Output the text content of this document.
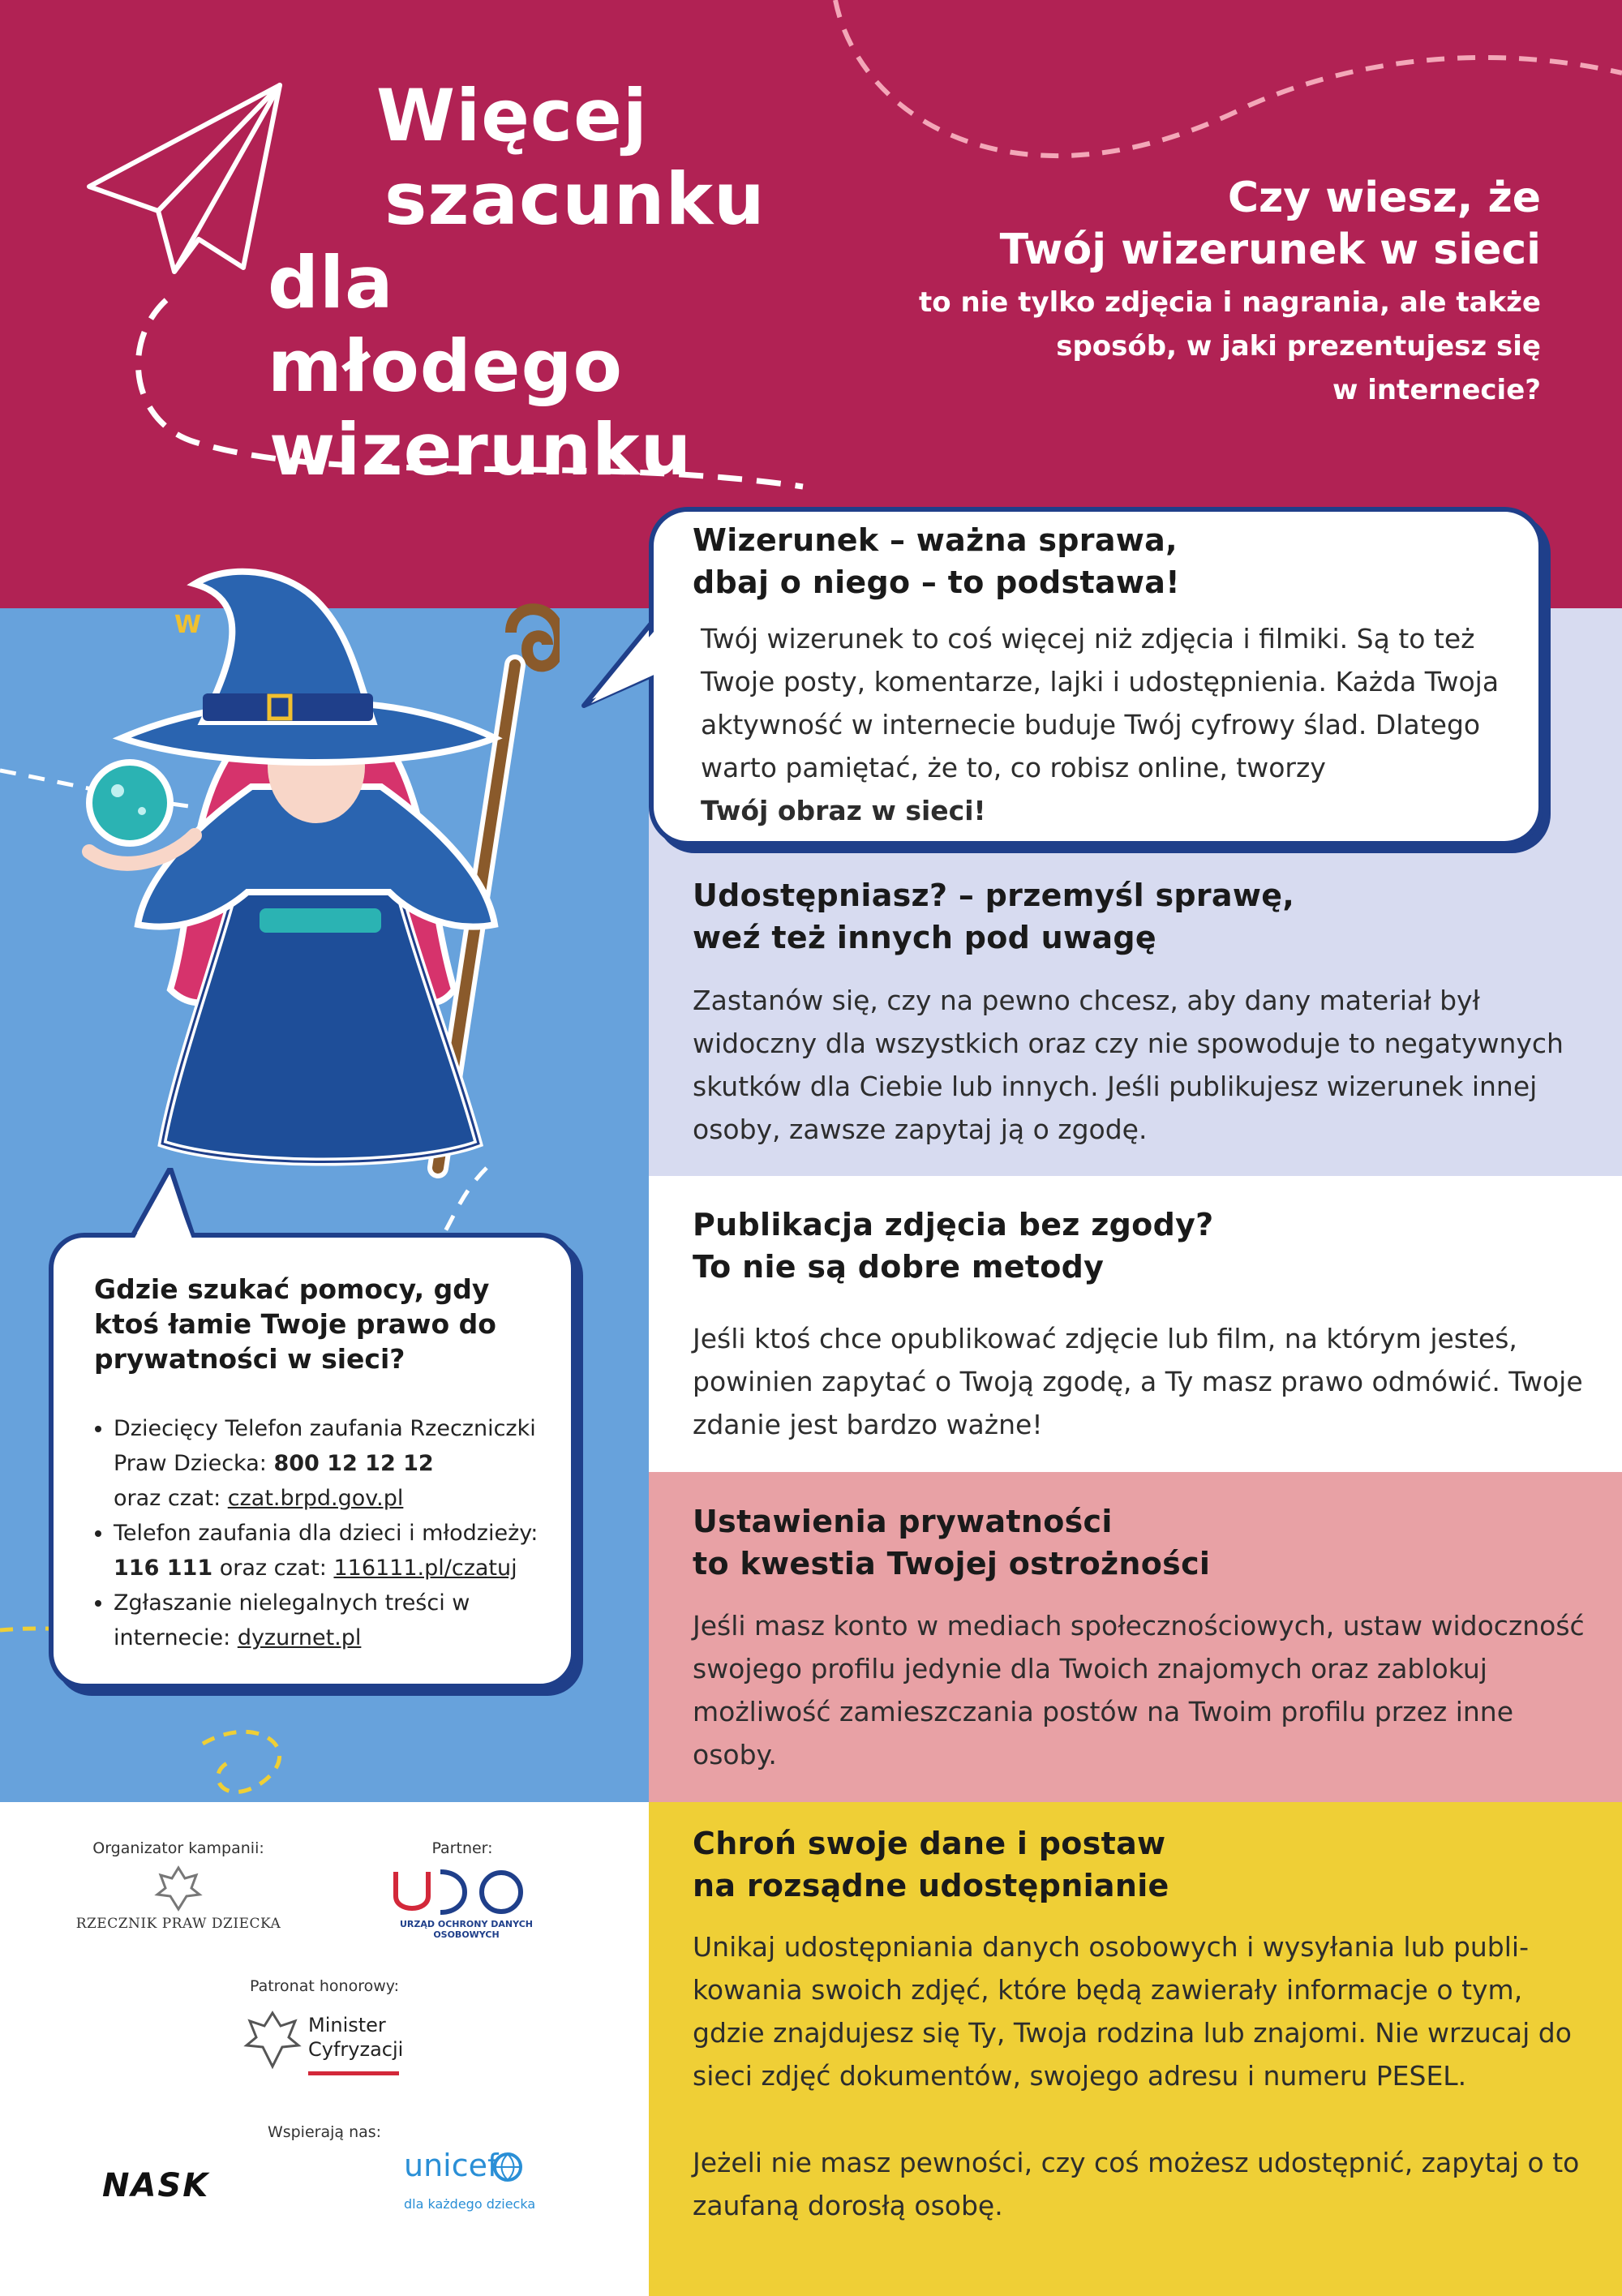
Więcej
szacunku
dla młodego
wizerunku
Czy wiesz, że
Twój wizerunek w sieci
to nie tylko zdjęcia i nagrania, ale także
sposób, w jaki prezentujesz się
w internecie?
W
Wizerunek – ważna sprawa,
dbaj o niego – to podstawa!
Twój wizerunek to coś więcej niż zdjęcia i filmiki. Są to też Twoje posty, komentarze, lajki i udostępnienia. Każda Twoja aktywność w internecie buduje Twój cyfrowy ślad. Dlatego warto pamiętać, że to, co robisz online, tworzy
Twój obraz w sieci!
Udostępniasz? – przemyśl sprawę,
weź też innych pod uwagę
Zastanów się, czy na pewno chcesz, aby dany materiał był widoczny dla wszystkich oraz czy nie spowoduje to negatywnych skutków dla Ciebie lub innych. Jeśli publikujesz wizerunek innej osoby, zawsze zapytaj ją o zgodę.
Publikacja zdjęcia bez zgody?
To nie są dobre metody
Jeśli ktoś chce opublikować zdjęcie lub film, na którym jesteś, powinien zapytać o Twoją zgodę, a Ty masz prawo odmówić. Twoje zdanie jest bardzo ważne!
Ustawienia prywatności
to kwestia Twojej ostrożności
Jeśli masz konto w mediach społecznościowych, ustaw widoczność swojego profilu jedynie dla Twoich znajomych oraz zablokuj możliwość zamieszczania postów na Twoim profilu przez inne osoby.
Chroń swoje dane i postaw
na rozsądne udostępnianie
Unikaj udostępniania danych osobowych i wysyłania lub publi-kowania swoich zdjęć, które będą zawierały informacje o tym, gdzie znajdujesz się Ty, Twoja rodzina lub znajomi. Nie wrzucaj do sieci zdjęć dokumentów, swojego adresu i numeru PESEL.
Jeżeli nie masz pewności, czy coś możesz udostępnić, zapytaj o to zaufaną dorosłą osobę.
Gdzie szukać pomocy, gdy ktoś łamie Twoje prawo do prywatności w sieci?
• Dziecięcy Telefon zaufania Rzeczniczki Praw Dziecka: 800 12 12 12
oraz czat: czat.brpd.gov.pl
• Telefon zaufania dla dzieci i młodzieży:
116 111 oraz czat: 116111.pl/czatuj
• Zgłaszanie nielegalnych treści w internecie: dyzurnet.pl
Organizator kampanii:
RZECZNIK PRAW DZIECKA
Partner:
URZĄD OCHRONY DANYCH OSOBOWYCH
Patronat honorowy:
Minister
Cyfryzacji
Wspierają nas:
NASK
unicef
dla każdego dziecka
